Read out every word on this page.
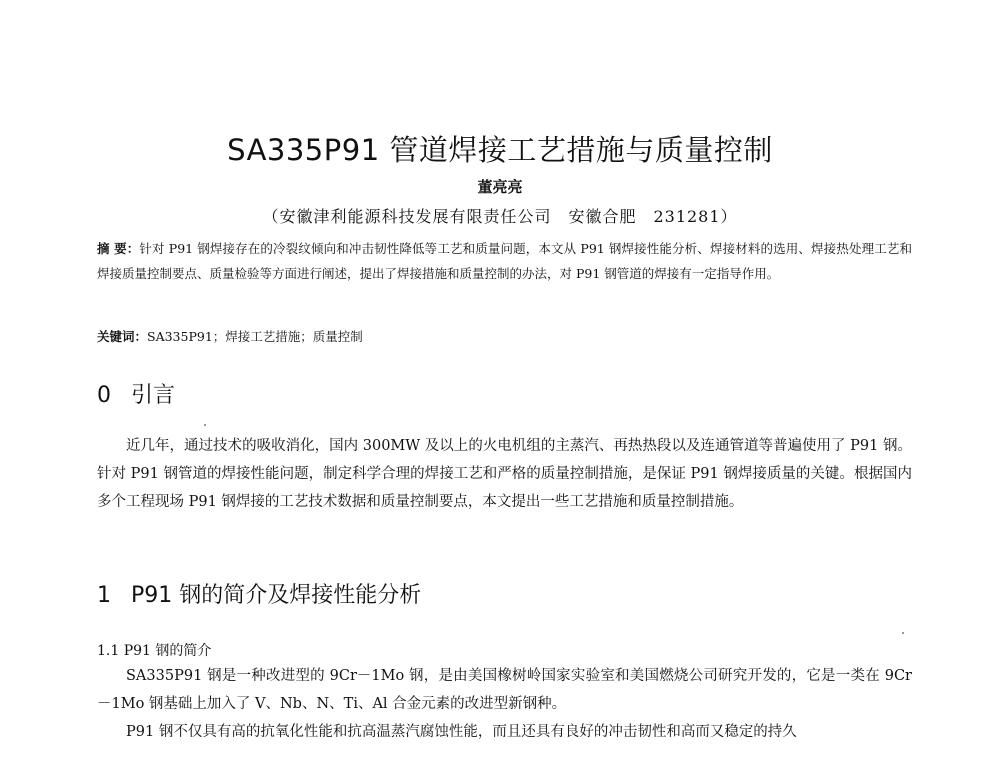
SA335P91 管道焊接工艺措施与质量控制
董亮亮
（安徽津利能源科技发展有限责任公司　安徽合肥　231281）
摘 要：针对 P91 钢焊接存在的冷裂纹倾向和冲击韧性降低等工艺和质量问题，本文从 P91 钢焊接性能分析、焊接材料的选用、焊接热处理工艺和焊接质量控制要点、质量检验等方面进行阐述，提出了焊接措施和质量控制的办法，对 P91 钢管道的焊接有一定指导作用。
关键词：SA335P91；焊接工艺措施；质量控制
0 引言
近几年，通过技术的吸收消化，国内 300MW 及以上的火电机组的主蒸汽、再热热段以及连通管道等普遍使用了 P91 钢。针对 P91 钢管道的焊接性能问题，制定科学合理的焊接工艺和严格的质量控制措施，是保证 P91 钢焊接质量的关键。根据国内多个工程现场 P91 钢焊接的工艺技术数据和质量控制要点，本文提出一些工艺措施和质量控制措施。
1 P91 钢的简介及焊接性能分析
1.1 P91 钢的简介
SA335P91 钢是一种改进型的 9Cr－1Mo 钢，是由美国橡树岭国家实验室和美国燃烧公司研究开发的，它是一类在 9Cr－1Mo 钢基础上加入了 V、Nb、N、Ti、Al 合金元素的改进型新钢种。
P91 钢不仅具有高的抗氧化性能和抗高温蒸汽腐蚀性能，而且还具有良好的冲击韧性和高而又稳定的持久
